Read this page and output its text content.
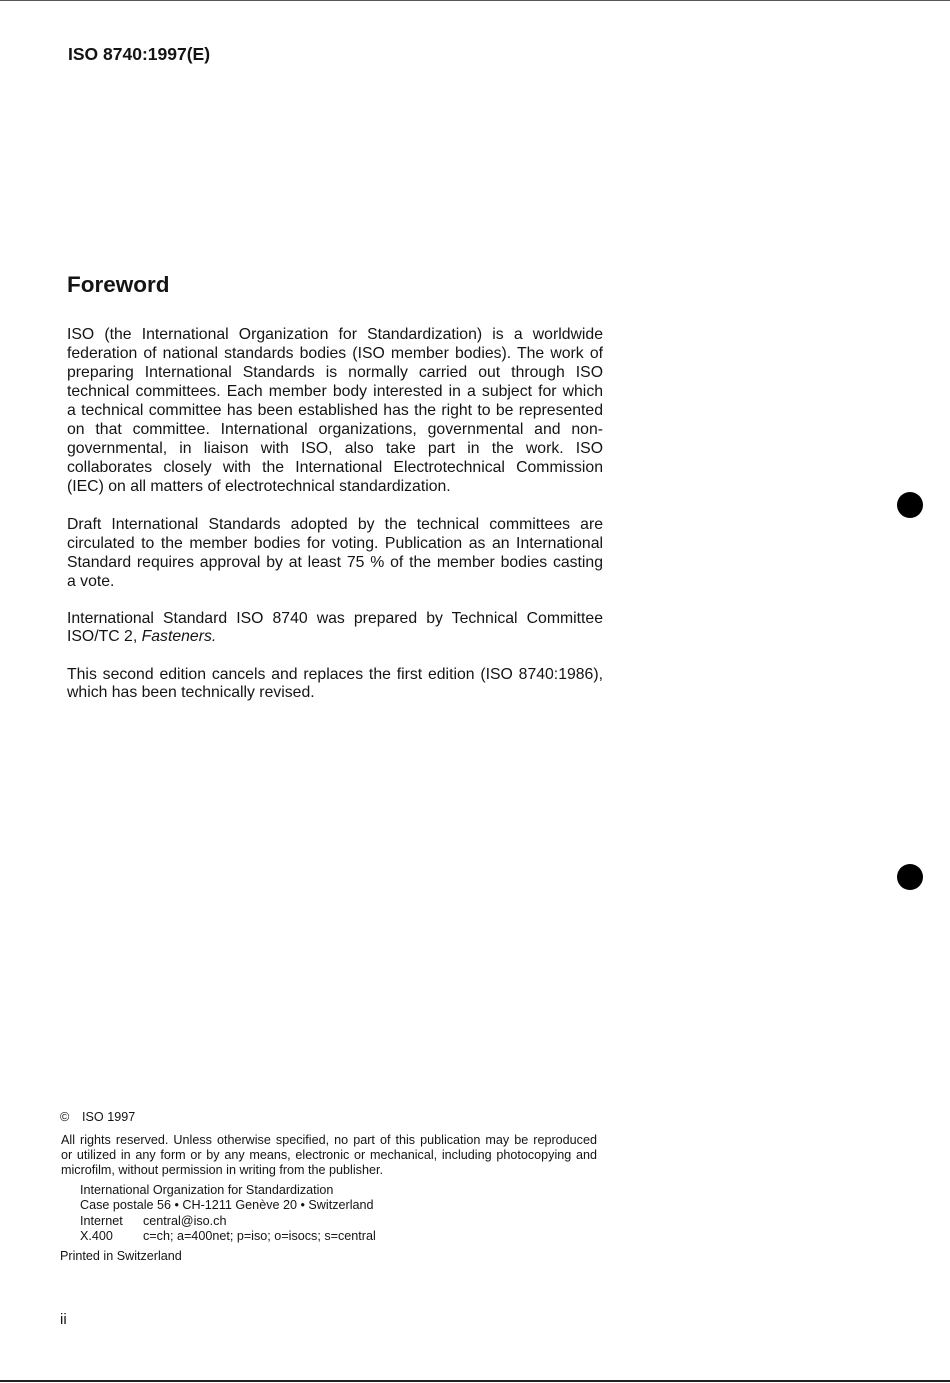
ISO 8740:1997(E)
Foreword
ISO (the International Organization for Standardization) is a worldwide
federation of national standards bodies (ISO member bodies). The work of
preparing International Standards is normally carried out through ISO
technical committees. Each member body interested in a subject for which
a technical committee has been established has the right to be represented
on that committee. International organizations, governmental and non-
governmental, in liaison with ISO, also take part in the work. ISO
collaborates closely with the International Electrotechnical Commission
(IEC) on all matters of electrotechnical standardization.
Draft International Standards adopted by the technical committees are
circulated to the member bodies for voting. Publication as an International
Standard requires approval by at least 75 % of the member bodies casting
a vote.
International Standard ISO 8740 was prepared by Technical Committee
ISO/TC 2, Fasteners.
This second edition cancels and replaces the first edition (ISO 8740:1986),
which has been technically revised.
© ISO 1997
All rights reserved. Unless otherwise specified, no part of this publication may be reproduced
or utilized in any form or by any means, electronic or mechanical, including photocopying and
microfilm, without permission in writing from the publisher.
International Organization for Standardization
Case postale 56 • CH-1211 Genève 20 • Switzerland
Internet central@iso.ch
X.400 c=ch; a=400net; p=iso; o=isocs; s=central
Printed in Switzerland
ii
